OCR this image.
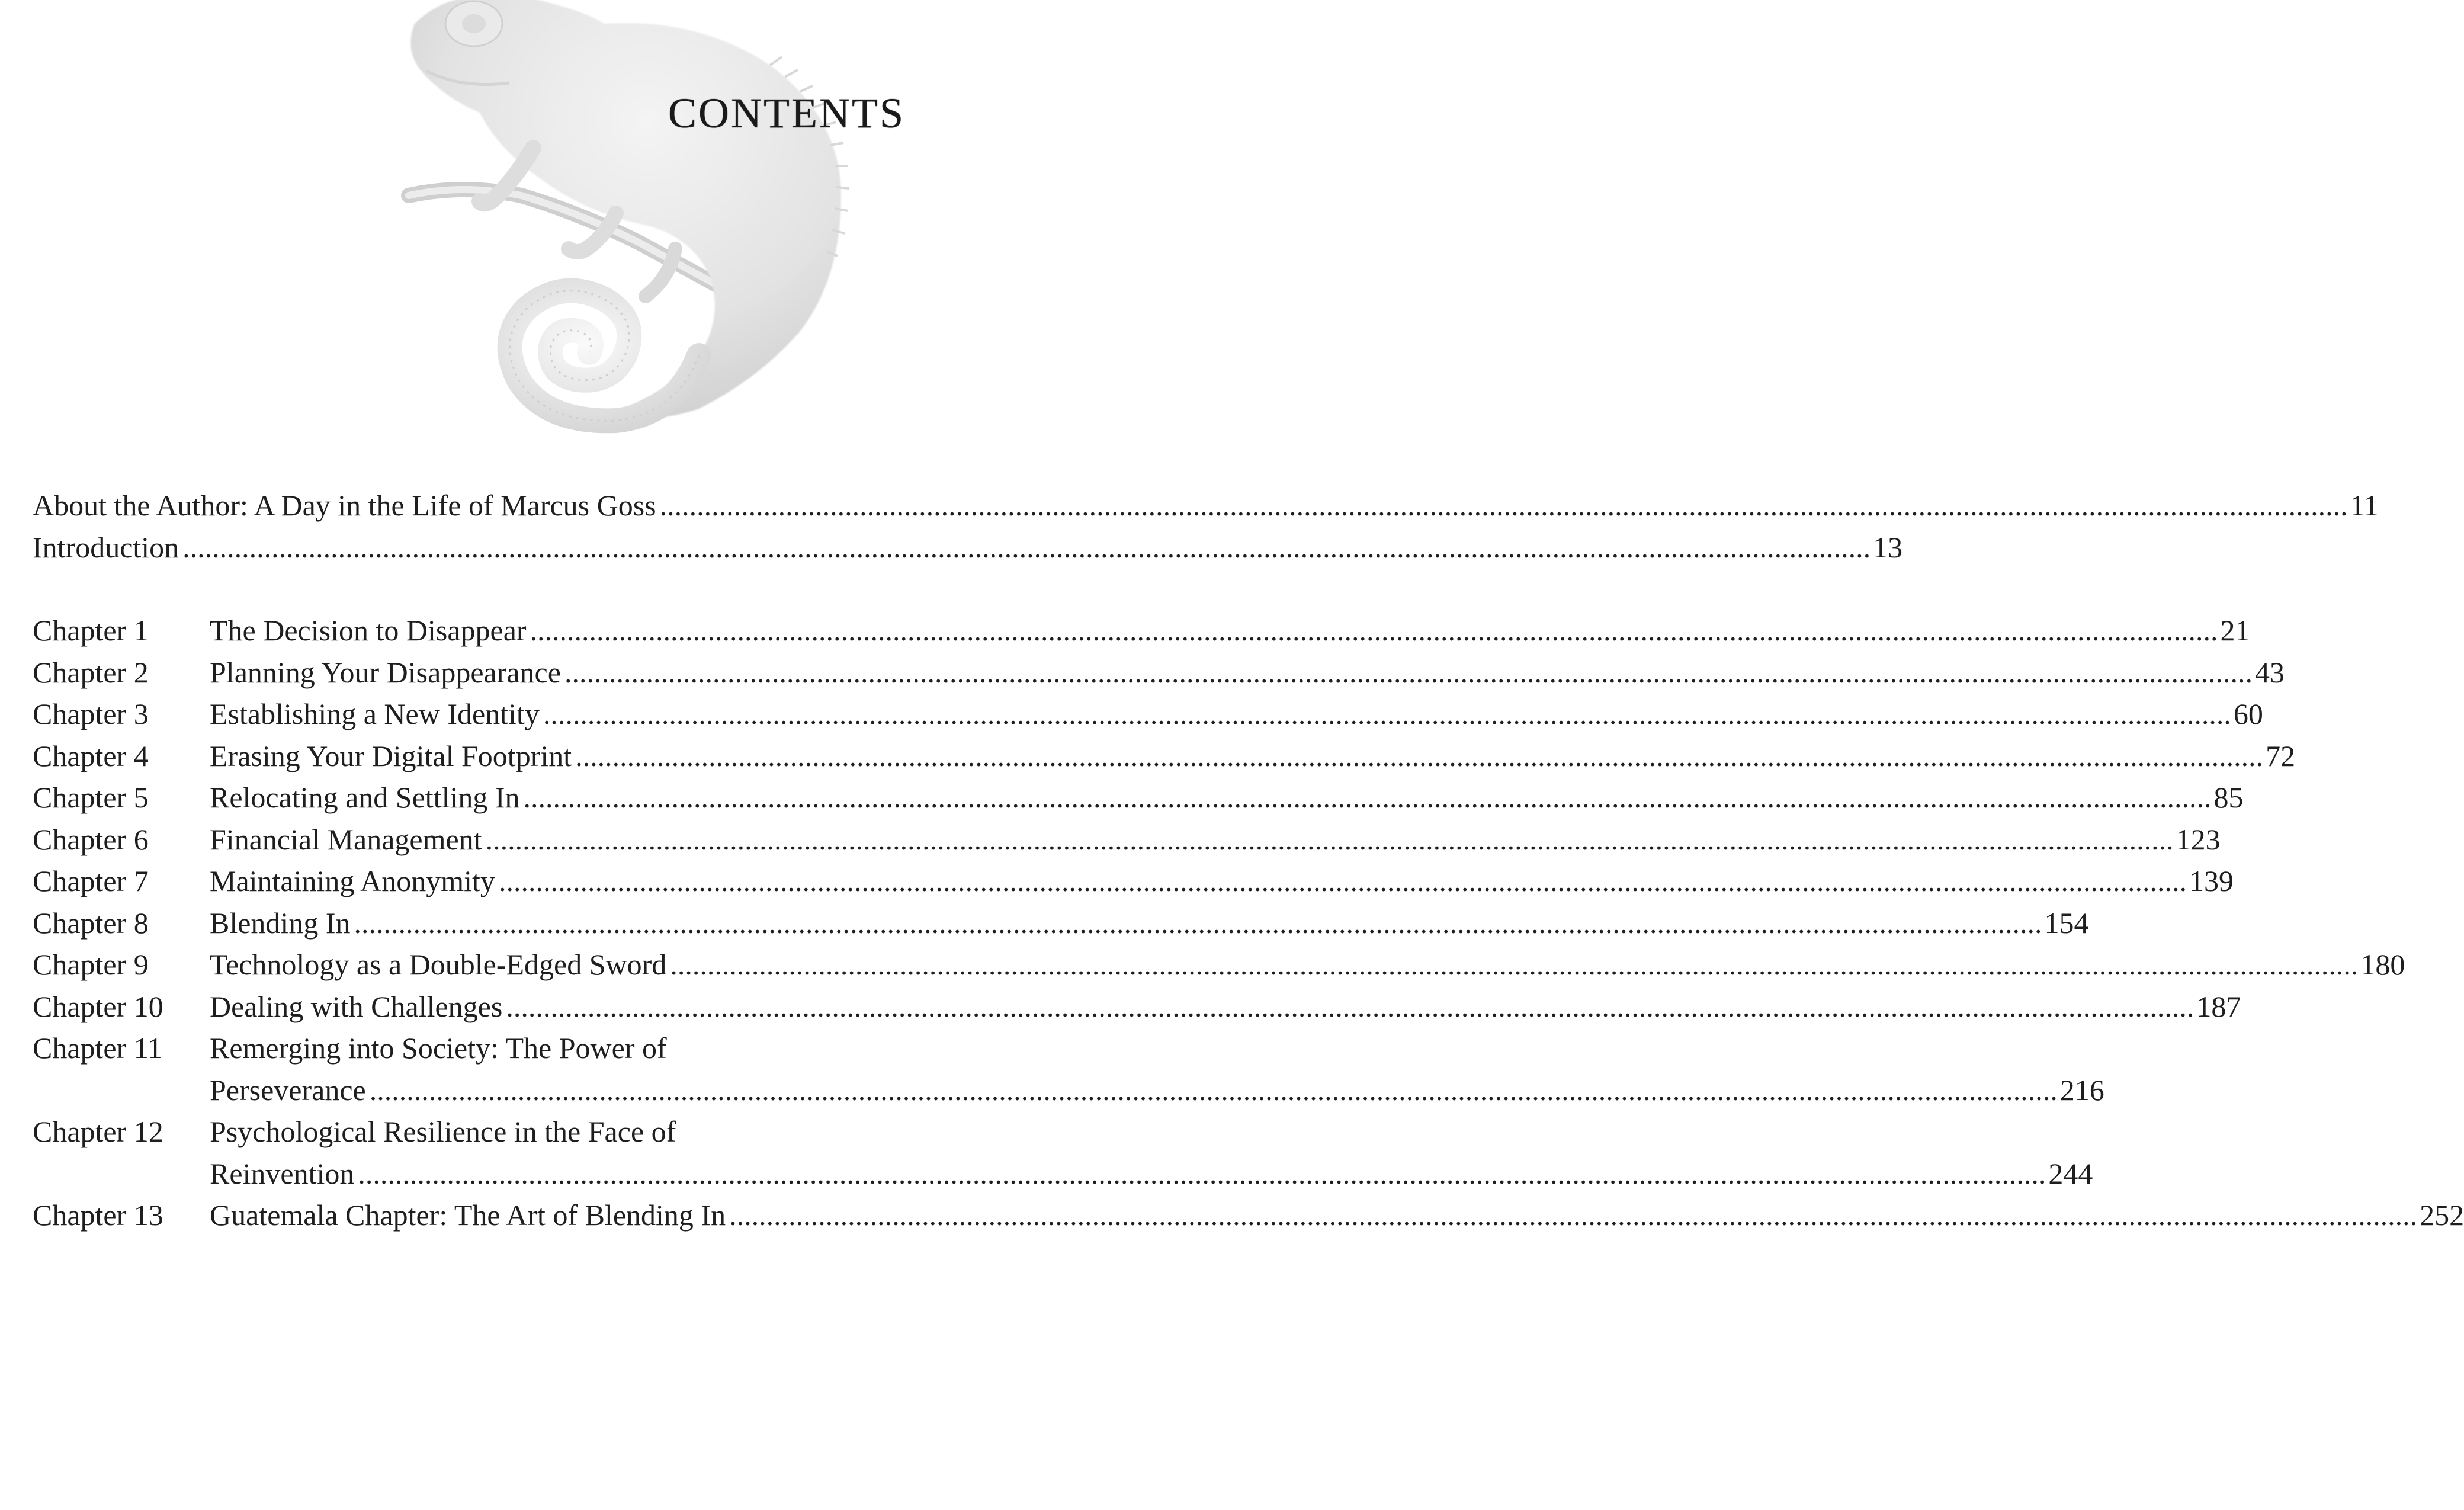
CONTENTS
About the Author: A Day in the Life of Marcus Goss .....	11
Introduction .....	13
Chapter 1	The Decision to Disappear .....	21
Chapter 2	Planning Your Disappearance .....	43
Chapter 3	Establishing a New Identity .....	60
Chapter 4	Erasing Your Digital Footprint .....	72
Chapter 5	Relocating and Settling In .....	85
Chapter 6	Financial Management .....	123
Chapter 7	Maintaining Anonymity .....	139
Chapter 8	Blending In .....	154
Chapter 9	Technology as a Double-Edged Sword .....	180
Chapter 10	Dealing with Challenges .....	187
Chapter 11	Remerging into Society: The Power of
Perseverance .....	216
Chapter 12	Psychological Resilience in the Face of
Reinvention .....	244
Chapter 13	Guatemala Chapter: The Art of Blending In .....	252
